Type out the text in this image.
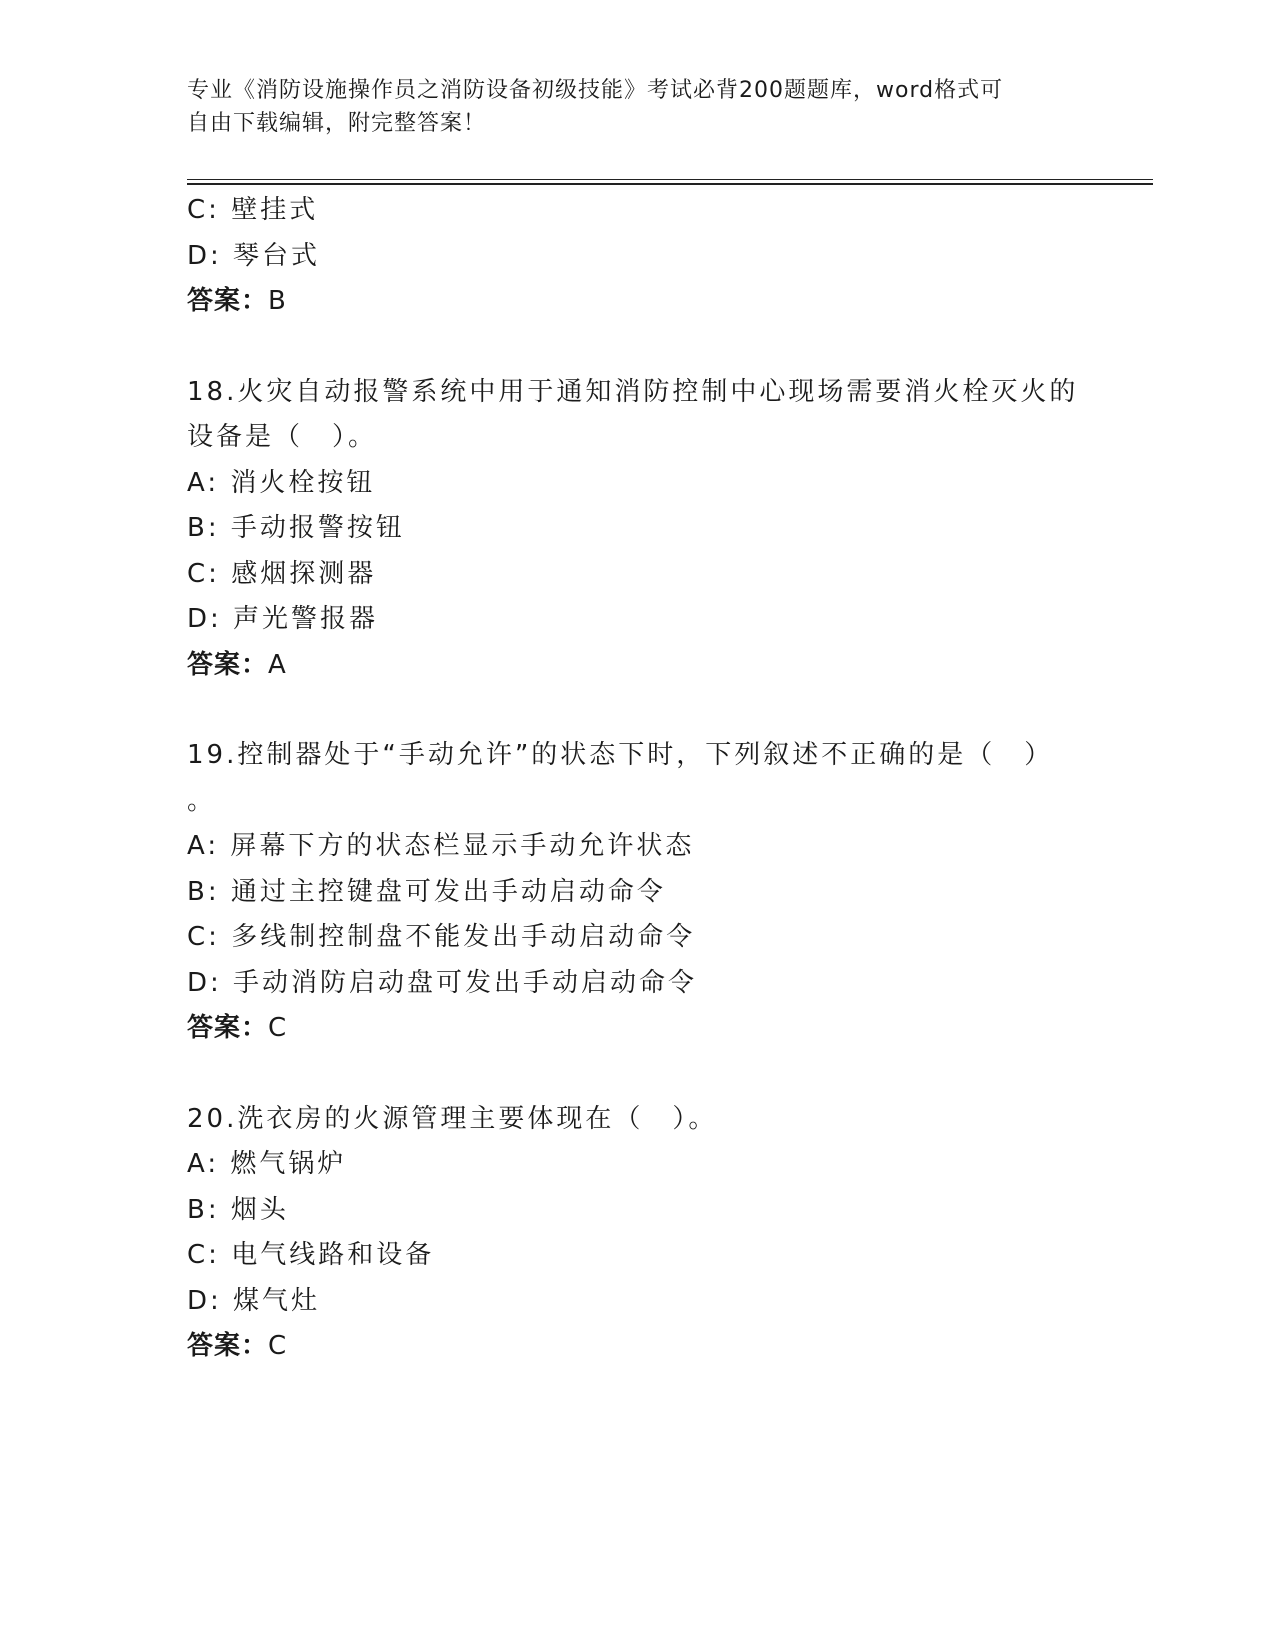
专业《消防设施操作员之消防设备初级技能》考试必背200题题库，word格式可
自由下载编辑，附完整答案！
C: 壁挂式
D: 琴台式
答案：B
18.火灾自动报警系统中用于通知消防控制中心现场需要消火栓灭火的
设备是（　）。
A: 消火栓按钮
B: 手动报警按钮
C: 感烟探测器
D: 声光警报器
答案：A
19.控制器处于“手动允许”的状态下时，下列叙述不正确的是（　）
。
A: 屏幕下方的状态栏显示手动允许状态
B: 通过主控键盘可发出手动启动命令
C: 多线制控制盘不能发出手动启动命令
D: 手动消防启动盘可发出手动启动命令
答案：C
20.洗衣房的火源管理主要体现在（　）。
A: 燃气锅炉
B: 烟头
C: 电气线路和设备
D: 煤气灶
答案：C
